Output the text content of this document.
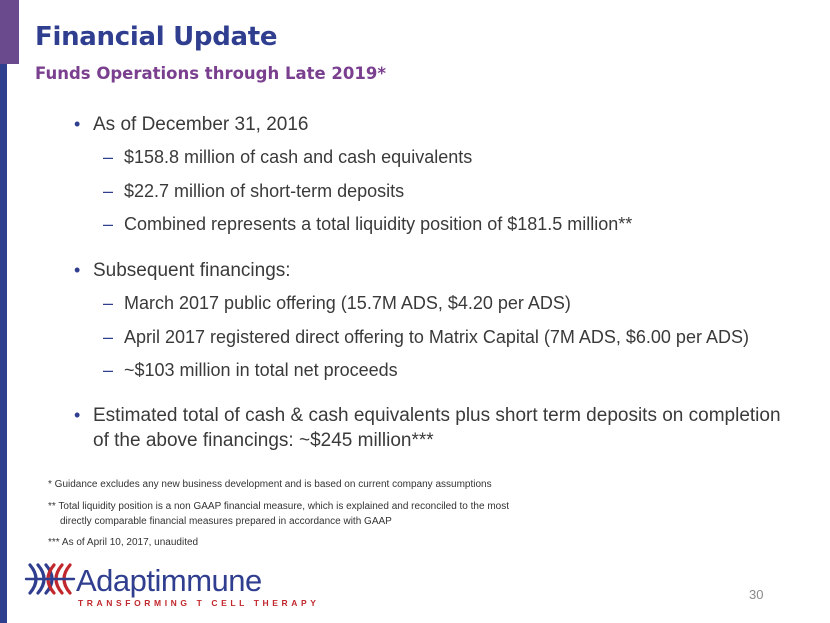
Financial Update
Funds Operations through Late 2019*
• As of December 31, 2016
– $158.8 million of cash and cash equivalents
– $22.7 million of short-term deposits
– Combined represents a total liquidity position of $181.5 million**
• Subsequent financings:
– March 2017 public offering (15.7M ADS, $4.20 per ADS)
– April 2017 registered direct offering to Matrix Capital (7M ADS, $6.00 per ADS)
– ~$103 million in total net proceeds
• Estimated total of cash & cash equivalents plus short term deposits on completion
of the above financings: ~$245 million***
* Guidance excludes any new business development and is based on current company assumptions
** Total liquidity position is a non GAAP financial measure, which is explained and reconciled to the most
directly comparable financial measures prepared in accordance with GAAP
*** As of April 10, 2017, unaudited
Adaptimmune
TRANSFORMING T CELL THERAPY
30
